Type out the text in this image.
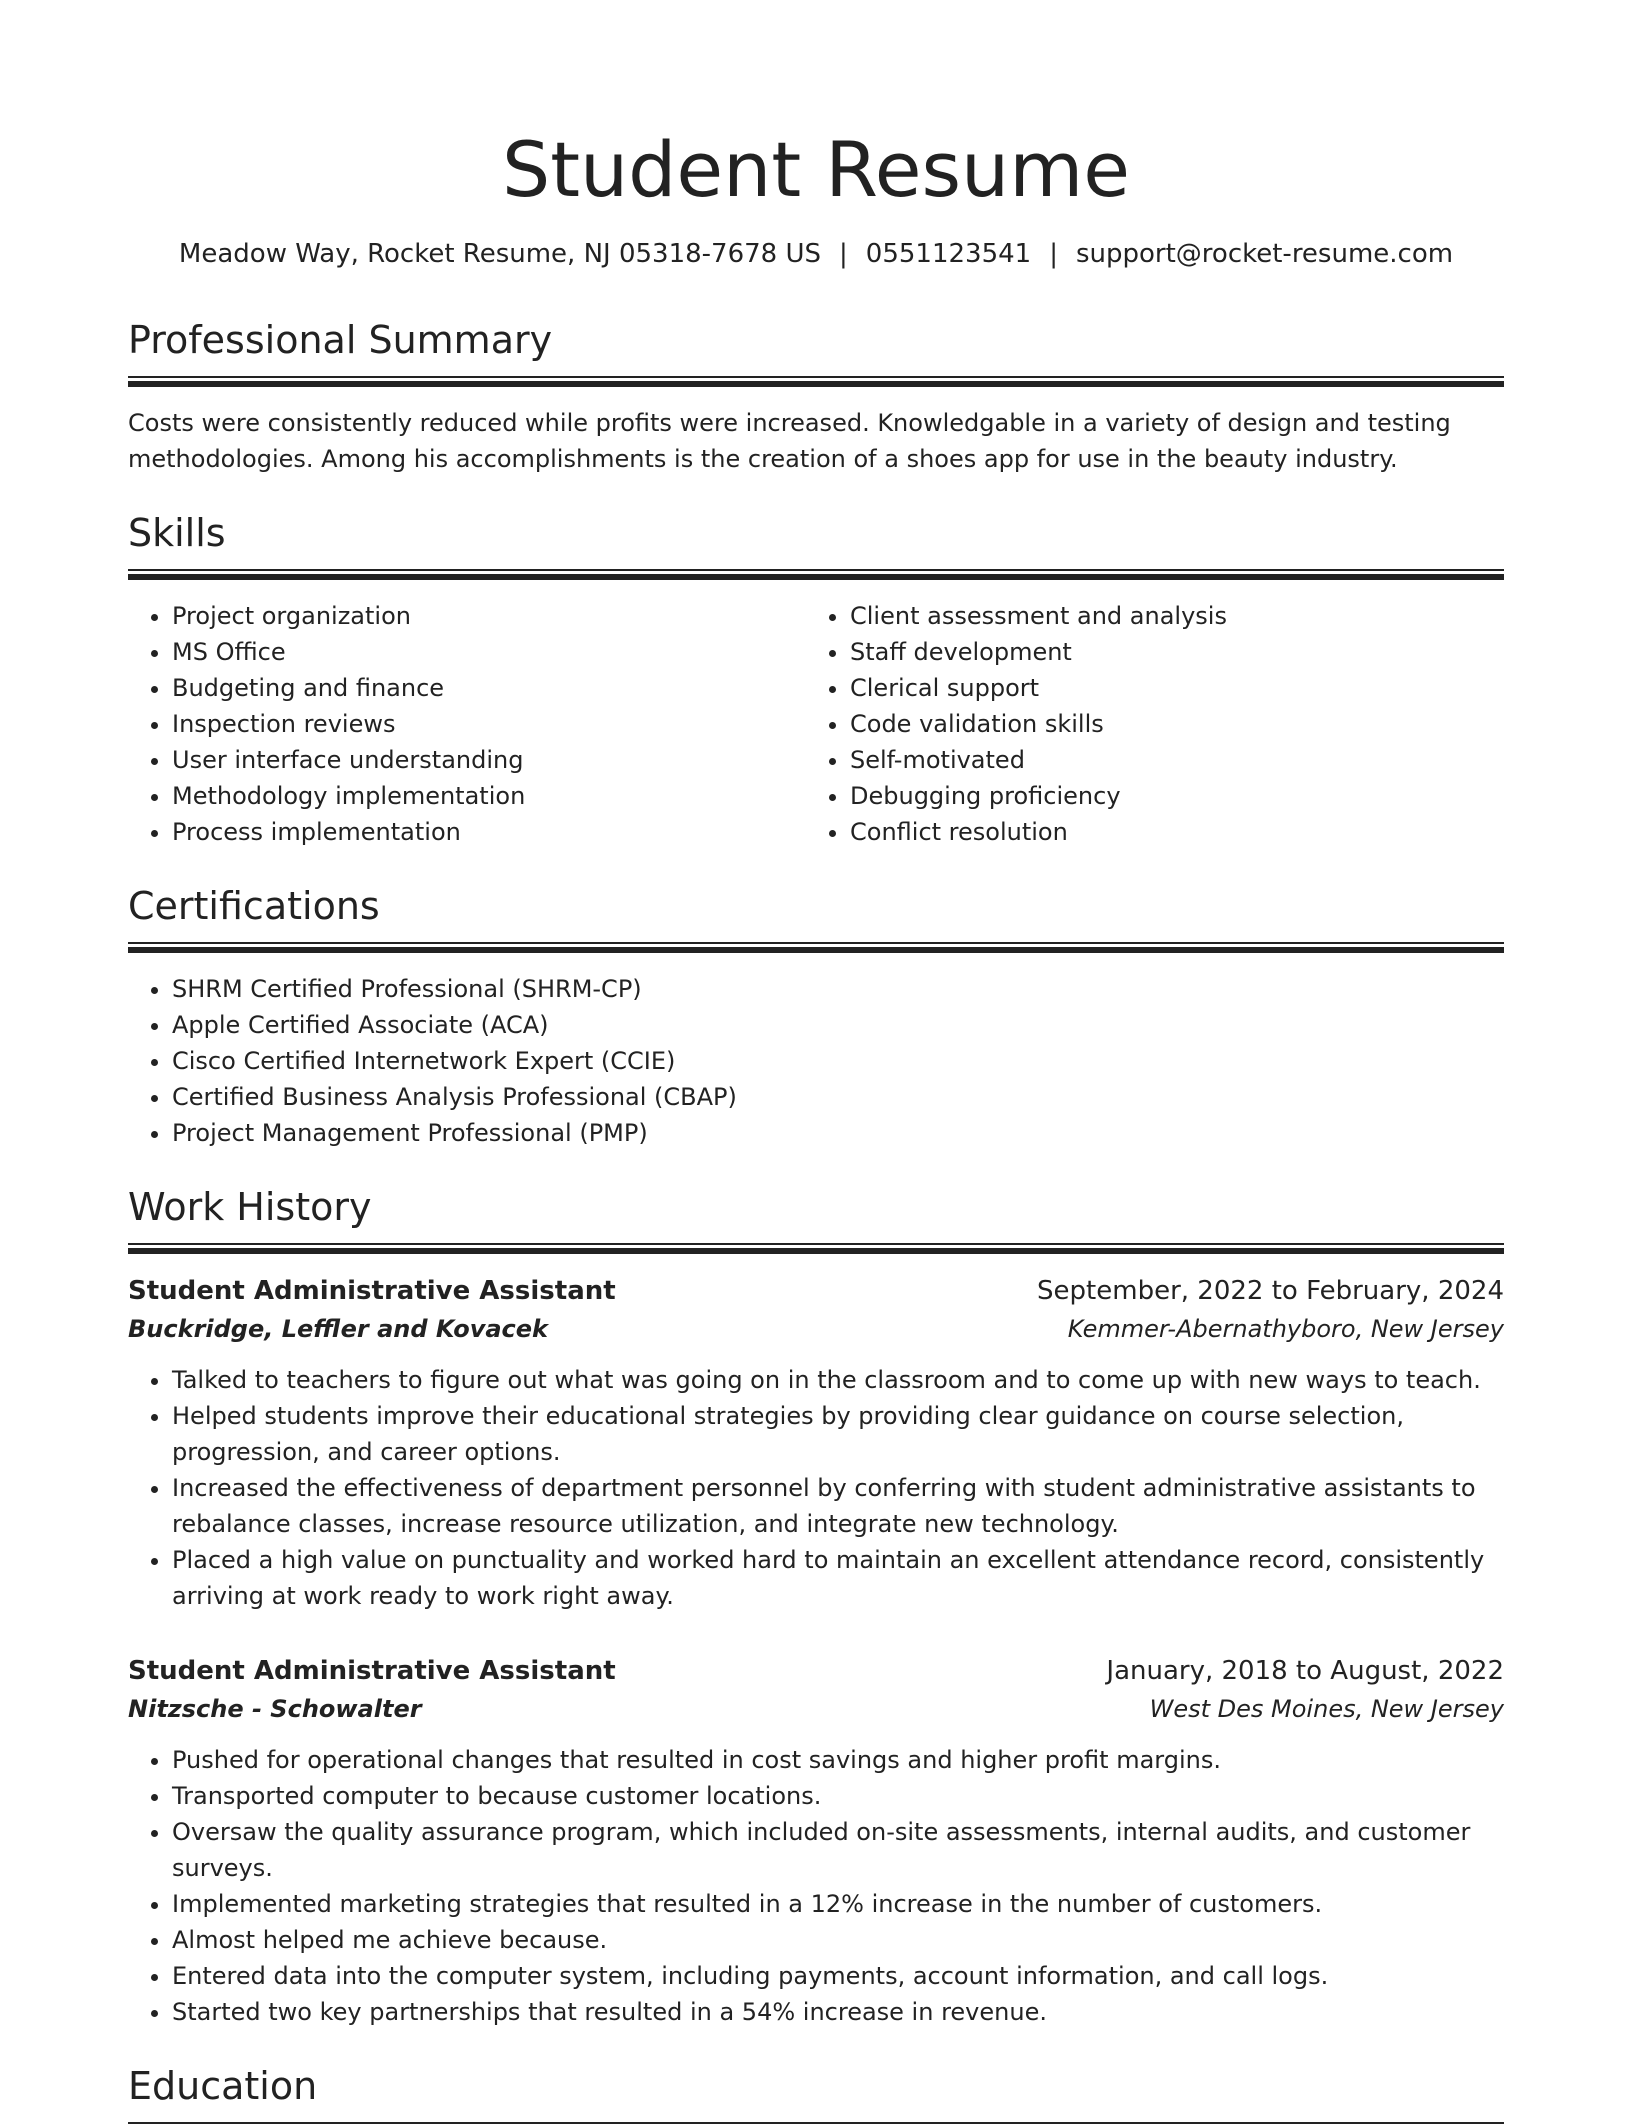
Student Resume
Meadow Way, Rocket Resume, NJ 05318-7678 US | 0551123541 | support@rocket-resume.com
Professional Summary
Costs were consistently reduced while profits were increased. Knowledgable in a variety of design and testing methodologies. Among his accomplishments is the creation of a shoes app for use in the beauty industry.
Skills
• Project organization
• MS Office
• Budgeting and finance
• Inspection reviews
• User interface understanding
• Methodology implementation
• Process implementation
• Client assessment and analysis
• Staff development
• Clerical support
• Code validation skills
• Self-motivated
• Debugging proficiency
• Conflict resolution
Certifications
• SHRM Certified Professional (SHRM-CP)
• Apple Certified Associate (ACA)
• Cisco Certified Internetwork Expert (CCIE)
• Certified Business Analysis Professional (CBAP)
• Project Management Professional (PMP)
Work History
Student Administrative Assistant	September, 2022 to February, 2024
Buckridge, Leffler and Kovacek	Kemmer-Abernathyboro, New Jersey
• Talked to teachers to figure out what was going on in the classroom and to come up with new ways to teach.
• Helped students improve their educational strategies by providing clear guidance on course selection, progression, and career options.
• Increased the effectiveness of department personnel by conferring with student administrative assistants to rebalance classes, increase resource utilization, and integrate new technology.
• Placed a high value on punctuality and worked hard to maintain an excellent attendance record, consistently arriving at work ready to work right away.
Student Administrative Assistant	January, 2018 to August, 2022
Nitzsche - Schowalter	West Des Moines, New Jersey
• Pushed for operational changes that resulted in cost savings and higher profit margins.
• Transported computer to because customer locations.
• Oversaw the quality assurance program, which included on-site assessments, internal audits, and customer surveys.
• Implemented marketing strategies that resulted in a 12% increase in the number of customers.
• Almost helped me achieve because.
• Entered data into the computer system, including payments, account information, and call logs.
• Started two key partnerships that resulted in a 54% increase in revenue.
Education
